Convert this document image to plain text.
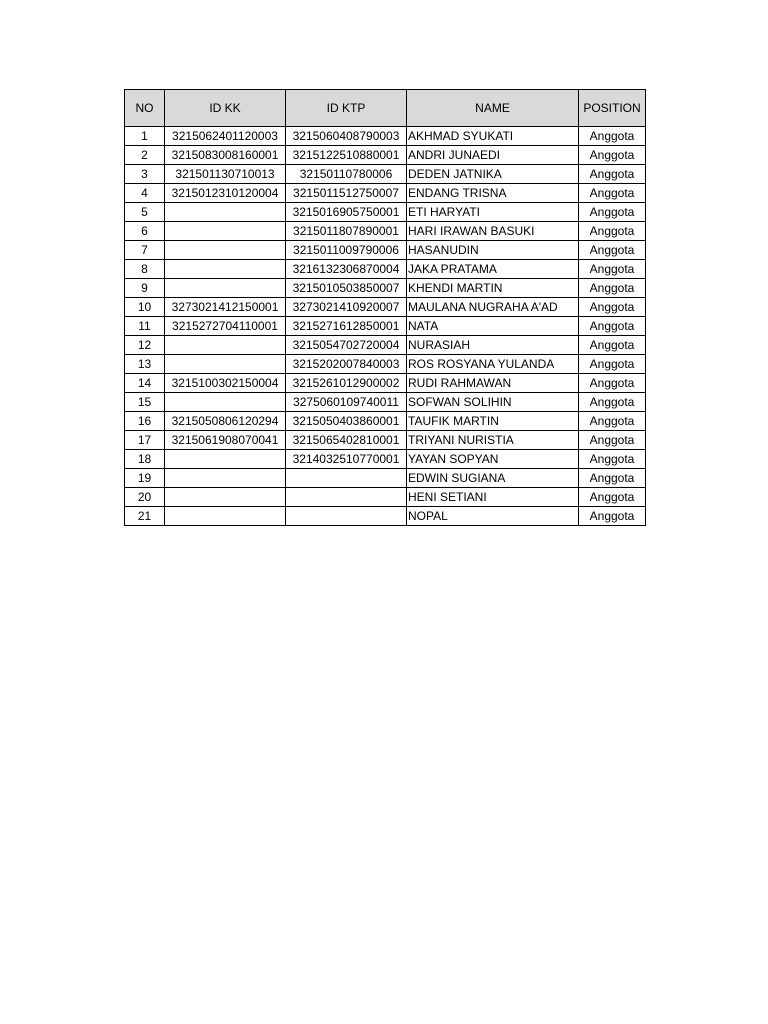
NO	ID KK	ID KTP	NAME	POSITION
1	3215062401120003	3215060408790003	AKHMAD SYUKATI	Anggota
2	3215083008160001	3215122510880001	ANDRI JUNAEDI	Anggota
3	321501130710013	32150110780006	DEDEN JATNIKA	Anggota
4	3215012310120004	3215011512750007	ENDANG TRISNA	Anggota
5		3215016905750001	ETI HARYATI	Anggota
6		3215011807890001	HARI IRAWAN BASUKI	Anggota
7		3215011009790006	HASANUDIN	Anggota
8		3216132306870004	JAKA PRATAMA	Anggota
9		3215010503850007	KHENDI MARTIN	Anggota
10	3273021412150001	3273021410920007	MAULANA NUGRAHA A'AD	Anggota
11	3215272704110001	3215271612850001	NATA	Anggota
12		3215054702720004	NURASIAH	Anggota
13		3215202007840003	ROS ROSYANA YULANDA	Anggota
14	3215100302150004	3215261012900002	RUDI RAHMAWAN	Anggota
15		3275060109740011	SOFWAN SOLIHIN	Anggota
16	3215050806120294	3215050403860001	TAUFIK MARTIN	Anggota
17	3215061908070041	3215065402810001	TRIYANI NURISTIA	Anggota
18		3214032510770001	YAYAN SOPYAN	Anggota
19			EDWIN SUGIANA	Anggota
20			HENI SETIANI	Anggota
21			NOPAL	Anggota
